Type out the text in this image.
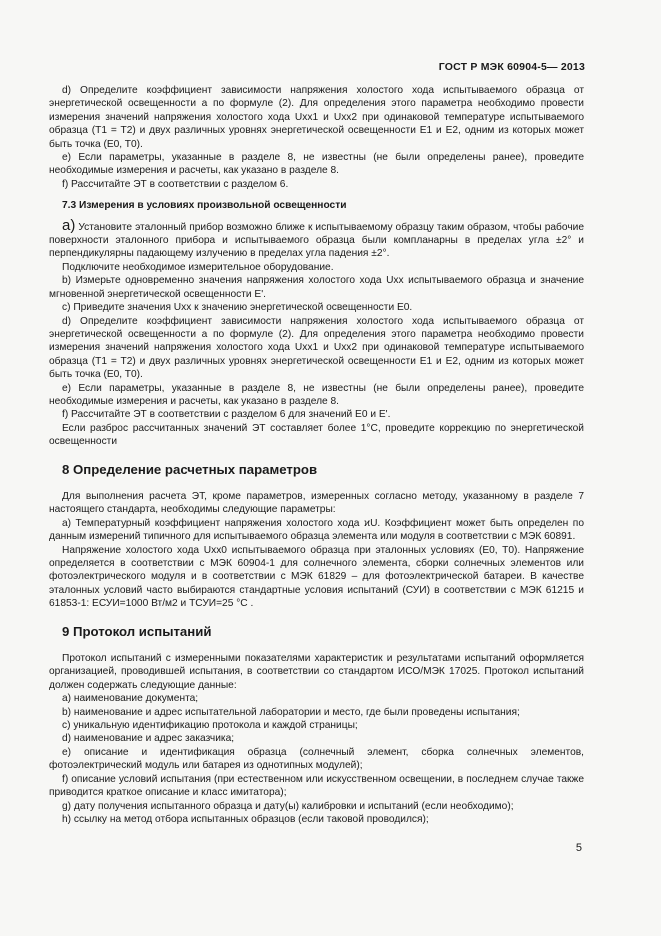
ГОСТ Р МЭК 60904-5— 2013

d) Определите коэффициент зависимости напряжения холостого хода испытываемого образца от энергетической освещенности a по формуле (2). Для определения этого параметра необходимо провести измерения значений напряжения холостого хода Uxx1 и Uxx2 при одинаковой температуре испытываемого образца (T1 = T2) и двух различных уровнях энергетической освещенности E1 и E2, одним из которых может быть точка (E0, T0).

e) Если параметры, указанные в разделе 8, не известны (не были определены ранее), проведите необходимые измерения и расчеты, как указано в разделе 8.

f) Рассчитайте ЭТ в соответствии с разделом 6.

7.3 Измерения в условиях произвольной освещенности

а) Установите эталонный прибор возможно ближе к испытываемому образцу таким образом, чтобы рабочие поверхности эталонного прибора и испытываемого образца были компланарны в пределах угла ±2° и перпендикулярны падающему излучению в пределах угла падения ±2°.

Подключите необходимое измерительное оборудование.

b) Измерьте одновременно значения напряжения холостого хода Uxx испытываемого образца и значение мгновенной энергетической освещенности E'.

c) Приведите значения Uxx к значению энергетической освещенности E0.

d) Определите коэффициент зависимости напряжения холостого хода испытываемого образца от энергетической освещенности a по формуле (2). Для определения этого параметра необходимо провести измерения значений напряжения холостого хода Uxx1 и Uxx2 при одинаковой температуре испытываемого образца (T1 = T2) и двух различных уровнях энергетической освещенности E1 и E2, одним из которых может быть точка (E0, T0).

e) Если параметры, указанные в разделе 8, не известны (не были определены ранее), проведите необходимые измерения и расчеты, как указано в разделе 8.

f) Рассчитайте ЭТ в соответствии с разделом 6 для значений E0 и E'.

Если разброс рассчитанных значений ЭТ составляет более 1°С, проведите коррекцию по энергетической освещенности

8 Определение расчетных параметров

Для выполнения расчета ЭТ, кроме параметров, измеренных согласно методу, указанному в разделе 7 настоящего стандарта, необходимы следующие параметры:

a) Температурный коэффициент напряжения холостого хода ϰU. Коэффициент может быть определен по данным измерений типичного для испытываемого образца элемента или модуля в соответствии с МЭК 60891.

Напряжение холостого хода Uxx0 испытываемого образца при эталонных условиях (E0, T0). Напряжение определяется в соответствии с МЭК 60904-1 для солнечного элемента, сборки солнечных элементов или фотоэлектрического модуля и в соответствии с МЭК 61829 – для фотоэлектрической батареи. В качестве эталонных условий часто выбираются стандартные условия испытаний (СУИ) в соответствии с МЭК 61215 и 61853-1: EСУИ=1000 Вт/м2 и TСУИ=25 °С .

9 Протокол испытаний

Протокол испытаний с измеренными показателями характеристик и результатами испытаний оформляется организацией, проводившей испытания, в соответствии со стандартом ИСО/МЭК 17025. Протокол испытаний должен содержать следующие данные:

a) наименование документа;

b) наименование и адрес испытательной лаборатории и место, где были проведены испытания;

c) уникальную идентификацию протокола и каждой страницы;

d) наименование и адрес заказчика;

e) описание и идентификация образца (солнечный элемент, сборка солнечных элементов, фотоэлектрический модуль или батарея из однотипных модулей);

f) описание условий испытания (при естественном или искусственном освещении, в последнем случае также приводится краткое описание и класс имитатора);

g) дату получения испытанного образца и дату(ы) калибровки и испытаний (если необходимо);

h) ссылку на метод отбора испытанных образцов (если таковой проводился);

5
